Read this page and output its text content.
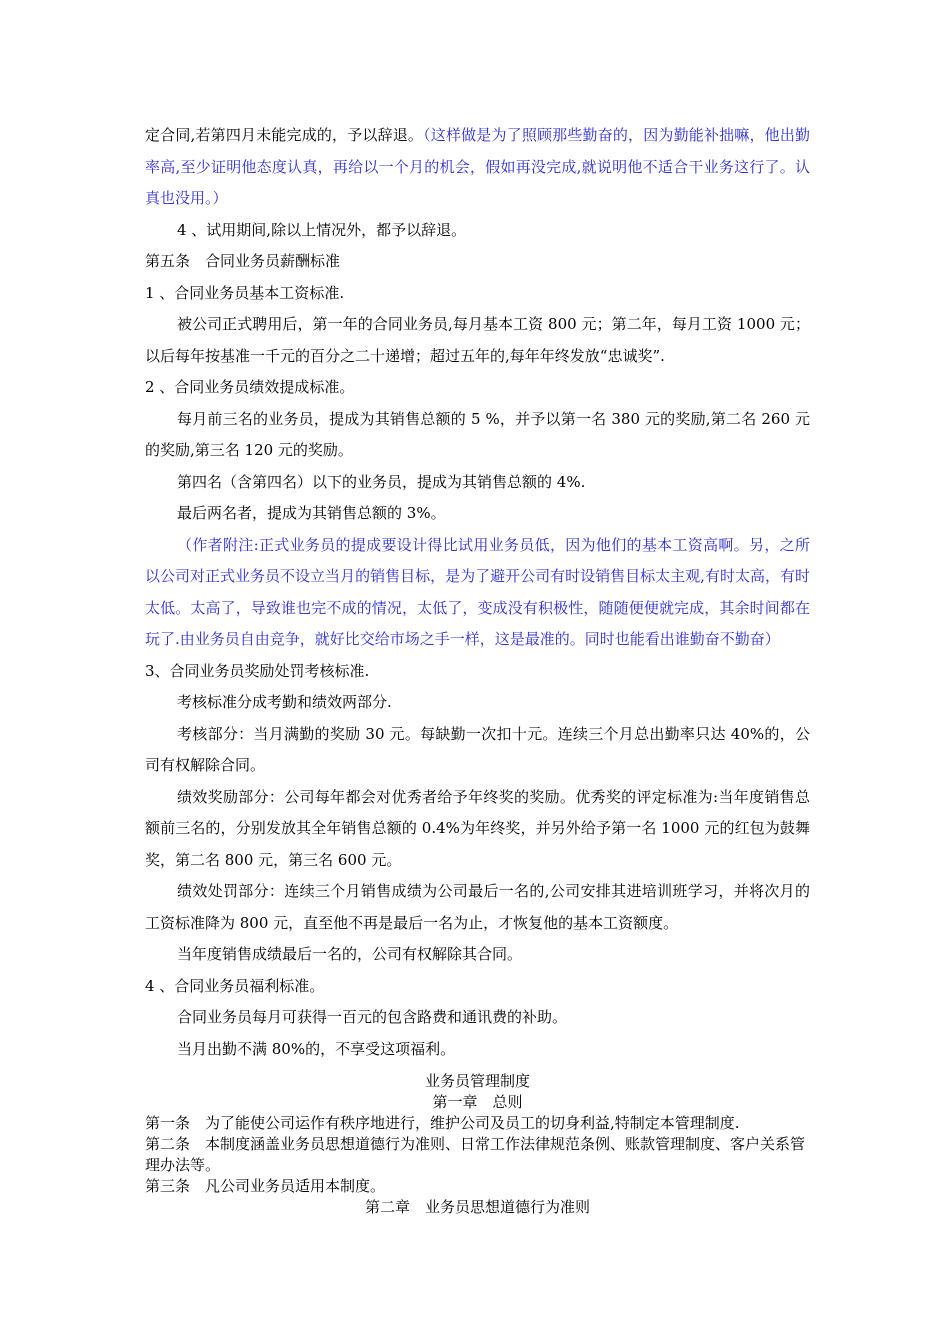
定合同,若第四月未能完成的，予以辞退。（这样做是为了照顾那些勤奋的，因为勤能补拙嘛，他出勤率高,至少证明他态度认真，再给以一个月的机会，假如再没完成,就说明他不适合干业务这行了。认真也没用。）

4 、试用期间,除以上情况外，都予以辞退。

第五条　合同业务员薪酬标准

1 、合同业务员基本工资标准.

被公司正式聘用后，第一年的合同业务员,每月基本工资 800 元；第二年，每月工资 1000 元；以后每年按基准一千元的百分之二十递增；超过五年的,每年年终发放“忠诚奖”.

2 、合同业务员绩效提成标准。

每月前三名的业务员，提成为其销售总额的 5 %，并予以第一名 380 元的奖励,第二名 260 元的奖励,第三名 120 元的奖励。

第四名（含第四名）以下的业务员，提成为其销售总额的 4%.

最后两名者，提成为其销售总额的 3%。

（作者附注:正式业务员的提成要设计得比试用业务员低，因为他们的基本工资高啊。另，之所以公司对正式业务员不设立当月的销售目标，是为了避开公司有时设销售目标太主观,有时太高，有时太低。太高了，导致谁也完不成的情况，太低了，变成没有积极性，随随便便就完成，其余时间都在玩了.由业务员自由竞争，就好比交给市场之手一样，这是最准的。同时也能看出谁勤奋不勤奋）

3、合同业务员奖励处罚考核标准.

考核标准分成考勤和绩效两部分.

考核部分：当月满勤的奖励 30 元。每缺勤一次扣十元。连续三个月总出勤率只达 40%的，公司有权解除合同。

绩效奖励部分：公司每年都会对优秀者给予年终奖的奖励。优秀奖的评定标准为:当年度销售总额前三名的，分别发放其全年销售总额的 0.4%为年终奖，并另外给予第一名 1000 元的红包为鼓舞奖，第二名 800 元，第三名 600 元。

绩效处罚部分：连续三个月销售成绩为公司最后一名的,公司安排其进培训班学习，并将次月的工资标准降为 800 元，直至他不再是最后一名为止，才恢复他的基本工资额度。

当年度销售成绩最后一名的，公司有权解除其合同。

4 、合同业务员福利标准。

合同业务员每月可获得一百元的包含路费和通讯费的补助。

当月出勤不满 80%的，不享受这项福利。

业务员管理制度

第一章　总则

第一条　为了能使公司运作有秩序地进行，维护公司及员工的切身利益,特制定本管理制度.

第二条　本制度涵盖业务员思想道德行为准则、日常工作法律规范条例、账款管理制度、客户关系管理办法等。

第三条　凡公司业务员适用本制度。

第二章　业务员思想道德行为准则
